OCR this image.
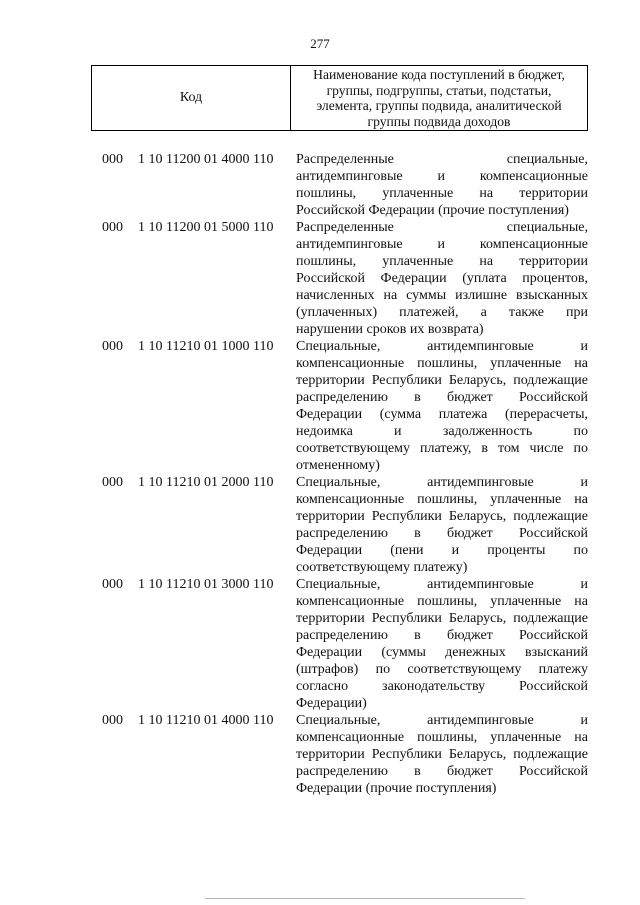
277
Код
Наименование кода поступлений в бюджет,
группы, подгруппы, статьи, подстатьи,
элемента, группы подвида, аналитической
группы подвида доходов
000	1 10 11200 01 4000 110	Распределенные специальные,
антидемпинговые и компенсационные
пошлины, уплаченные на территории
Российской Федерации (прочие поступления)
000	1 10 11200 01 5000 110	Распределенные специальные,
антидемпинговые и компенсационные
пошлины, уплаченные на территории
Российской Федерации (уплата процентов,
начисленных на суммы излишне взысканных
(уплаченных) платежей, а также при
нарушении сроков их возврата)
000	1 10 11210 01 1000 110	Специальные, антидемпинговые и
компенсационные пошлины, уплаченные на
территории Республики Беларусь, подлежащие
распределению в бюджет Российской
Федерации (сумма платежа (перерасчеты,
недоимка и задолженность по
соответствующему платежу, в том числе по
отмененному)
000	1 10 11210 01 2000 110	Специальные, антидемпинговые и
компенсационные пошлины, уплаченные на
территории Республики Беларусь, подлежащие
распределению в бюджет Российской
Федерации (пени и проценты по
соответствующему платежу)
000	1 10 11210 01 3000 110	Специальные, антидемпинговые и
компенсационные пошлины, уплаченные на
территории Республики Беларусь, подлежащие
распределению в бюджет Российской
Федерации (суммы денежных взысканий
(штрафов) по соответствующему платежу
согласно законодательству Российской
Федерации)
000	1 10 11210 01 4000 110	Специальные, антидемпинговые и
компенсационные пошлины, уплаченные на
территории Республики Беларусь, подлежащие
распределению в бюджет Российской
Федерации (прочие поступления)
